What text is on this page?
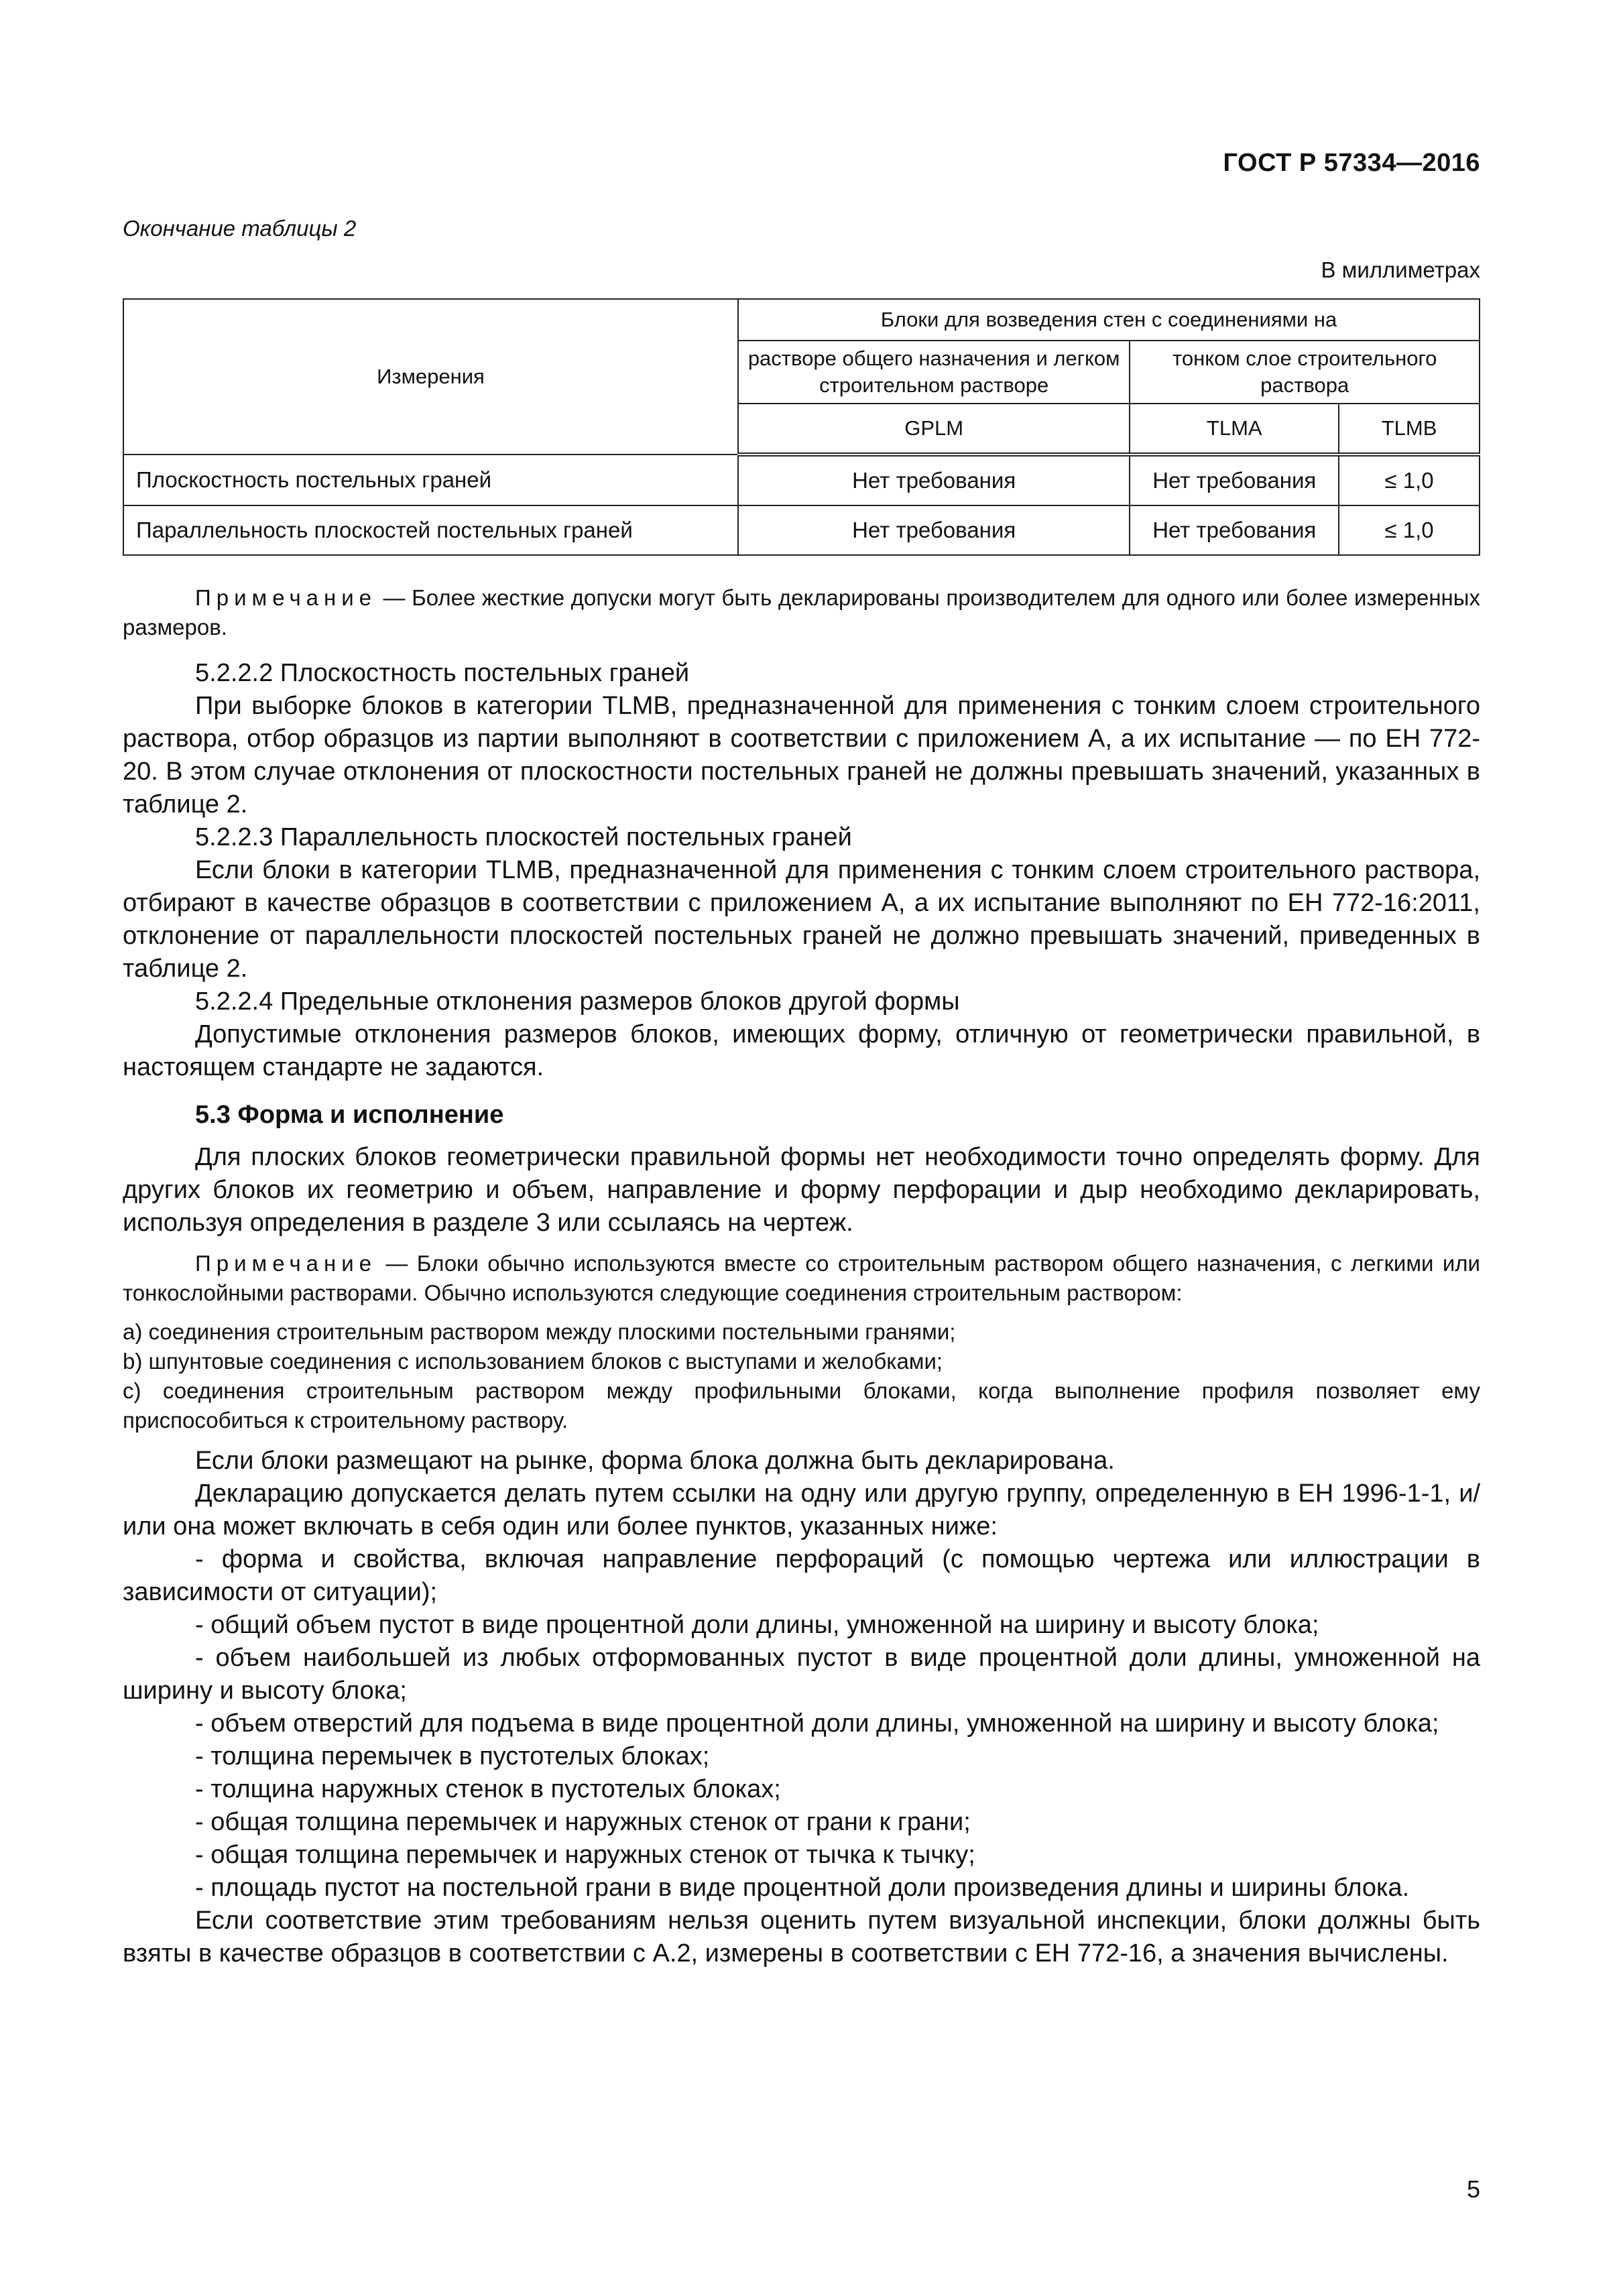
ГОСТ Р 57334—2016
Окончание таблицы 2
В миллиметрах
Измерения	Блоки для возведения стен с соединениями на		
	растворе общего назначения и легком строительном растворе	тонком слое строительного раствора	
	GPLM	TLMA	TLMB
Плоскостность постельных граней	Нет требования	Нет требования	≤ 1,0
Параллельность плоскостей постельных граней	Нет требования	Нет требования	≤ 1,0

Примечание — Более жесткие допуски могут быть декларированы производителем для одного или более измеренных размеров.

5.2.2.2 Плоскостность постельных граней

При выборке блоков в категории TLMB, предназначенной для применения с тонким слоем строительного раствора, отбор образцов из партии выполняют в соответствии с приложением А, а их испытание — по ЕН 772-20. В этом случае отклонения от плоскостности постельных граней не должны превышать значений, указанных в таблице 2.

5.2.2.3 Параллельность плоскостей постельных граней

Если блоки в категории TLMB, предназначенной для применения с тонким слоем строительного раствора, отбирают в качестве образцов в соответствии с приложением А, а их испытание выполняют по ЕН 772-16:2011, отклонение от параллельности плоскостей постельных граней не должно превышать значений, приведенных в таблице 2.

5.2.2.4 Предельные отклонения размеров блоков другой формы

Допустимые отклонения размеров блоков, имеющих форму, отличную от геометрически правильной, в настоящем стандарте не задаются.

5.3 Форма и исполнение

Для плоских блоков геометрически правильной формы нет необходимости точно определять форму. Для других блоков их геометрию и объем, направление и форму перфорации и дыр необходимо декларировать, используя определения в разделе 3 или ссылаясь на чертеж.

Примечание — Блоки обычно используются вместе со строительным раствором общего назначения, с легкими или тонкослойными растворами. Обычно используются следующие соединения строительным раствором:

a) соединения строительным раствором между плоскими постельными гранями;

b) шпунтовые соединения с использованием блоков с выступами и желобками;

c) соединения строительным раствором между профильными блоками, когда выполнение профиля позволяет ему приспособиться к строительному раствору.

Если блоки размещают на рынке, форма блока должна быть декларирована.

Декларацию допускается делать путем ссылки на одну или другую группу, определенную в ЕН 1996-1-1, и/или она может включать в себя один или более пунктов, указанных ниже:

- форма и свойства, включая направление перфораций (с помощью чертежа или иллюстрации в зависимости от ситуации);

- общий объем пустот в виде процентной доли длины, умноженной на ширину и высоту блока;

- объем наибольшей из любых отформованных пустот в виде процентной доли длины, умноженной на ширину и высоту блока;

- объем отверстий для подъема в виде процентной доли длины, умноженной на ширину и высоту блока;

- толщина перемычек в пустотелых блоках;

- толщина наружных стенок в пустотелых блоках;

- общая толщина перемычек и наружных стенок от грани к грани;

- общая толщина перемычек и наружных стенок от тычка к тычку;

- площадь пустот на постельной грани в виде процентной доли произведения длины и ширины блока.

Если соответствие этим требованиям нельзя оценить путем визуальной инспекции, блоки должны быть взяты в качестве образцов в соответствии с А.2, измерены в соответствии с ЕН 772-16, а значения вычислены.

5
